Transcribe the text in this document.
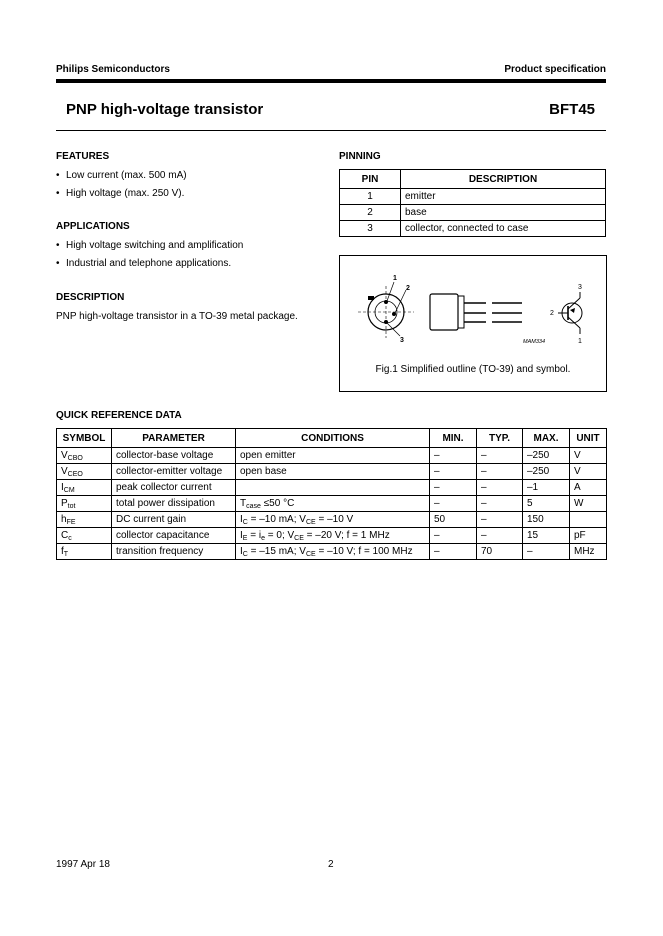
Philips Semiconductors	Product specification
PNP high-voltage transistor	BFT45
FEATURES
• Low current (max. 500 mA)
• High voltage (max. 250 V).
APPLICATIONS
• High voltage switching and amplification
• Industrial and telephone applications.
DESCRIPTION
PNP high-voltage transistor in a TO-39 metal package.
PINNING
PIN	DESCRIPTION
1	emitter
2	base
3	collector, connected to case
1
2
3	MAM334
3
2
1
Fig.1 Simplified outline (TO-39) and symbol.
QUICK REFERENCE DATA
SYMBOL	PARAMETER	CONDITIONS	MIN.	TYP.	MAX.	UNIT
$V_{CBO}$	collector-base voltage	open emitter	–	–	–250	V
$V_{CEO}$	collector-emitter voltage	open base	–	–	–250	V
$I_{CM}$	peak collector current		–	–	–1	A
$P_{tot}$	total power dissipation	$T_{case} \le 50$ °C	–	–	5	W
$h_{FE}$	DC current gain	$I_C = -10$ mA; $V_{CE} = -10$ V	50	–	150	
$C_c$	collector capacitance	$I_E = i_e = 0$; $V_{CE} = -20$ V; f = 1 MHz	–	–	15	pF
$f_T$	transition frequency	$I_C = -15$ mA; $V_{CE} = -10$ V; f = 100 MHz	–	70	–	MHz
1997 Apr 18	2
